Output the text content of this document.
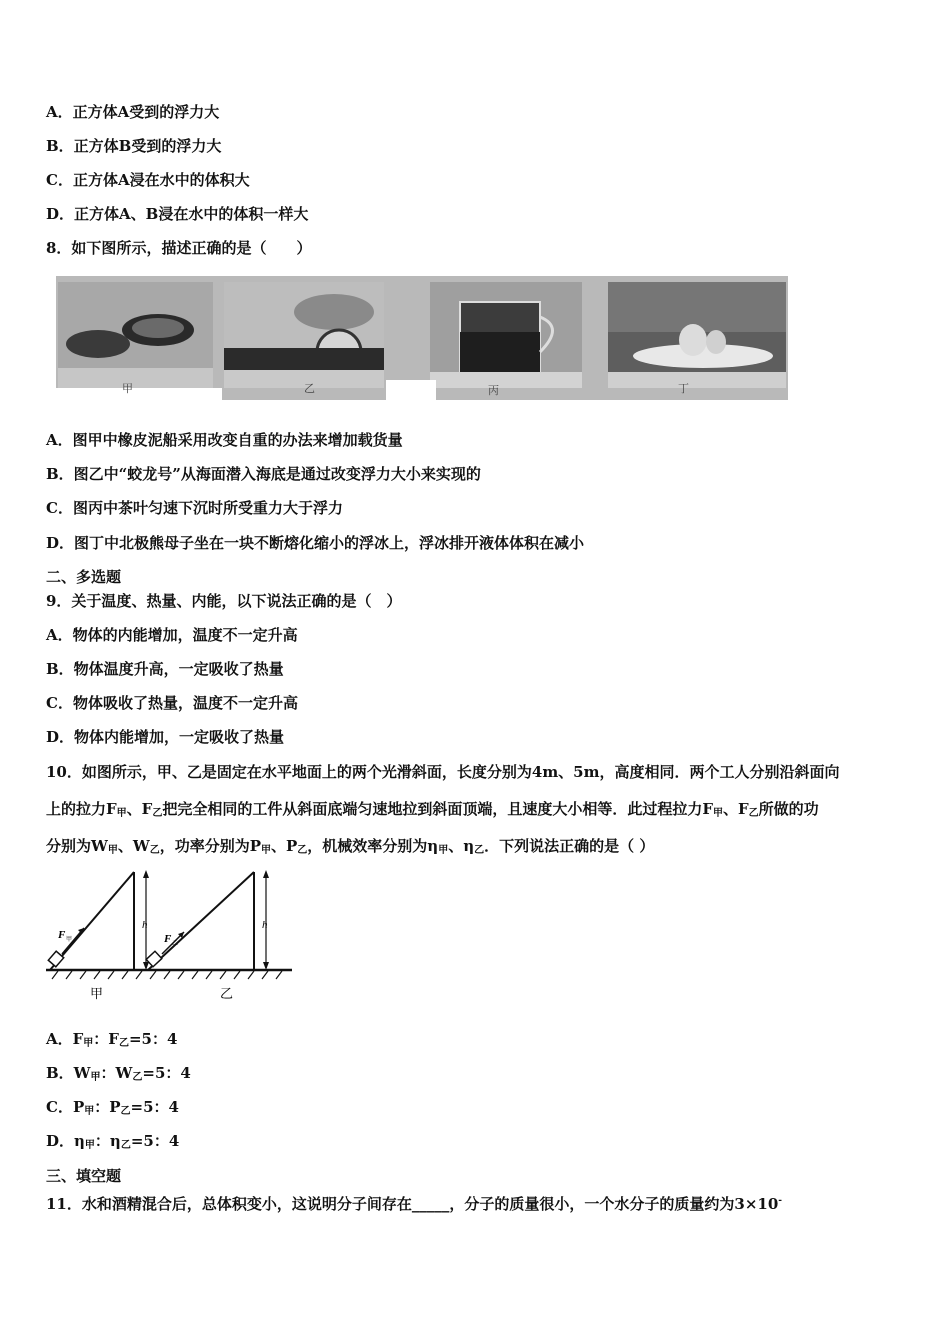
A．正方体A受到的浮力大
B．正方体B受到的浮力大
C．正方体A浸在水中的体积大
D．正方体A、B浸在水中的体积一样大
8．如下图所示，描述正确的是（　　）
甲	乙	丙	丁
A．图甲中橡皮泥船采用改变自重的办法来增加载货量
B．图乙中“蛟龙号”从海面潜入海底是通过改变浮力大小来实现的
C．图丙中茶叶匀速下沉时所受重力大于浮力
D．图丁中北极熊母子坐在一块不断熔化缩小的浮冰上，浮冰排开液体体积在减小
二、多选题
9．关于温度、热量、内能，以下说法正确的是（　）
A．物体的内能增加，温度不一定升高
B．物体温度升高，一定吸收了热量
C．物体吸收了热量，温度不一定升高
D．物体内能增加，一定吸收了热量
10．如图所示，甲、乙是固定在水平地面上的两个光滑斜面，长度分别为4m、5m，高度相同．两个工人分别沿斜面向
上的拉力$F_甲$、$F_乙$把完全相同的工件从斜面底端匀速地拉到斜面顶端，且速度大小相等．此过程拉力$F_甲$、$F_乙$所做的功
分别为$W_甲$、$W_乙$，功率分别为$P_甲$、$P_乙$，机械效率分别为$\eta_甲$、$\eta_乙$．下列说法正确的是（ ）
h	h
F 甲	F 乙
甲	乙
A．$F_甲$：$F_乙=5$：4
B．$W_甲$：$W_乙=5$：4
C．$P_甲$：$P_乙=5$：4
D．$\eta_甲$：$\eta_乙=5$：4
三、填空题
11．水和酒精混合后，总体积变小，这说明分子间存在_____，分子的质量很小，一个水分子的质量约为3×10-
